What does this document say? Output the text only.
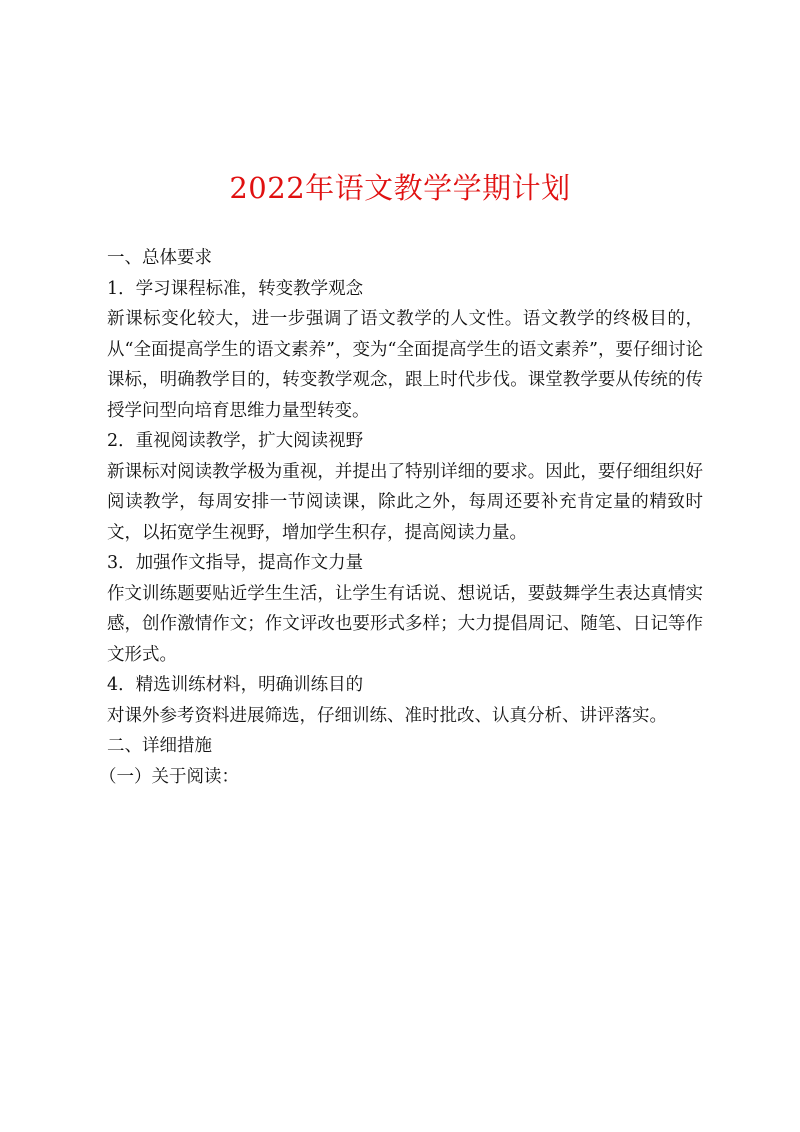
2022年语文教学学期计划

一、总体要求

1．学习课程标准，转变教学观念

新课标变化较大，进一步强调了语文教学的人文性。语文教学的终极目的，从“全面提高学生的语文素养”，变为“全面提高学生的语文素养”，要仔细讨论课标，明确教学目的，转变教学观念，跟上时代步伐。课堂教学要从传统的传授学问型向培育思维力量型转变。

2．重视阅读教学，扩大阅读视野

新课标对阅读教学极为重视，并提出了特别详细的要求。因此，要仔细组织好阅读教学，每周安排一节阅读课，除此之外，每周还要补充肯定量的精致时文，以拓宽学生视野，增加学生积存，提高阅读力量。

3．加强作文指导，提高作文力量

作文训练题要贴近学生生活，让学生有话说、想说话，要鼓舞学生表达真情实感，创作激情作文；作文评改也要形式多样；大力提倡周记、随笔、日记等作文形式。

4．精选训练材料，明确训练目的

对课外参考资料进展筛选，仔细训练、准时批改、认真分析、讲评落实。

二、详细措施

（一）关于阅读：
